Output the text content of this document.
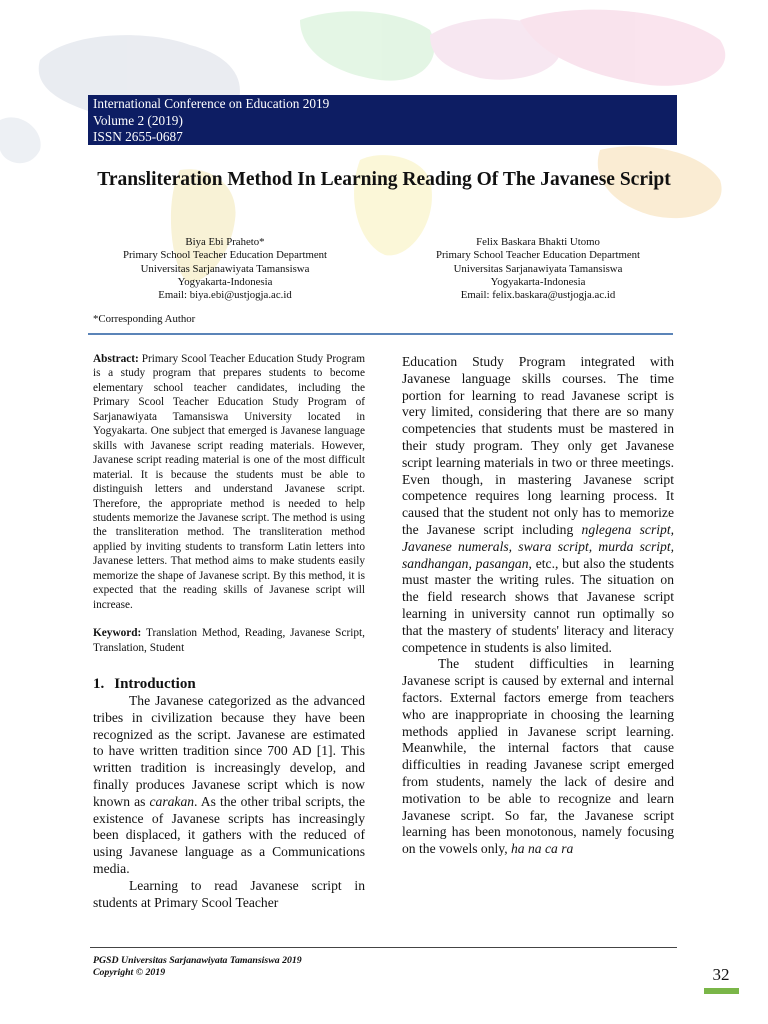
International Conference on Education 2019
Volume 2 (2019)
ISSN 2655-0687
Transliteration Method In Learning Reading Of The Javanese Script
Biya Ebi Praheto*
Primary School Teacher Education Department
Universitas Sarjanawiyata Tamansiswa
Yogyakarta-Indonesia
Email: biya.ebi@ustjogja.ac.id
Felix Baskara Bhakti Utomo
Primary School Teacher Education Department
Universitas Sarjanawiyata Tamansiswa
Yogyakarta-Indonesia
Email: felix.baskara@ustjogja.ac.id
*Corresponding Author

Abstract: Primary Scool Teacher Education Study Program is a study program that prepares students to become elementary school teacher candidates, including the Primary Scool Teacher Education Study Program of Sarjanawiyata Tamansiswa University located in Yogyakarta. One subject that emerged is Javanese language skills with Javanese script reading materials. However, Javanese script reading material is one of the most difficult material. It is because the students must be able to distinguish letters and understand Javanese script. Therefore, the appropriate method is needed to help students memorize the Javanese script. The method is using the transliteration method. The transliteration method applied by inviting students to transform Latin letters into Javanese letters. That method aims to make students easily memorize the shape of Javanese script. By this method, it is expected that the reading skills of Javanese script will increase.

Keyword: Translation Method, Reading, Javanese Script, Translation, Student

1. Introduction

The Javanese categorized as the advanced tribes in civilization because they have been recognized as the script. Javanese are estimated to have written tradition since 700 AD [1]. This written tradition is increasingly develop, and finally produces Javanese script which is now known as carakan. As the other tribal scripts, the existence of Javanese scripts has increasingly been displaced, it gathers with the reduced of using Javanese language as a Communications media.

Learning to read Javanese script in students at Primary Scool Teacher

Education Study Program integrated with Javanese language skills courses. The time portion for learning to read Javanese script is very limited, considering that there are so many competencies that students must be mastered in their study program. They only get Javanese script learning materials in two or three meetings. Even though, in mastering Javanese script competence requires long learning process. It caused that the student not only has to memorize the Javanese script including nglegena script, Javanese numerals, swara script, murda script, sandhangan, pasangan, etc., but also the students must master the writing rules. The situation on the field research shows that Javanese script learning in university cannot run optimally so that the mastery of students' literacy and literacy competence in students is also limited.

The student difficulties in learning Javanese script is caused by external and internal factors. External factors emerge from teachers who are inappropriate in choosing the learning methods applied in Javanese script learning. Meanwhile, the internal factors that cause difficulties in reading Javanese script emerged from students, namely the lack of desire and motivation to be able to recognize and learn Javanese script. So far, the Javanese script learning has been monotonous, namely focusing on the vowels only, ha na ca ra

PGSD Universitas Sarjanawiyata Tamansiswa 2019
Copyright © 2019	32
